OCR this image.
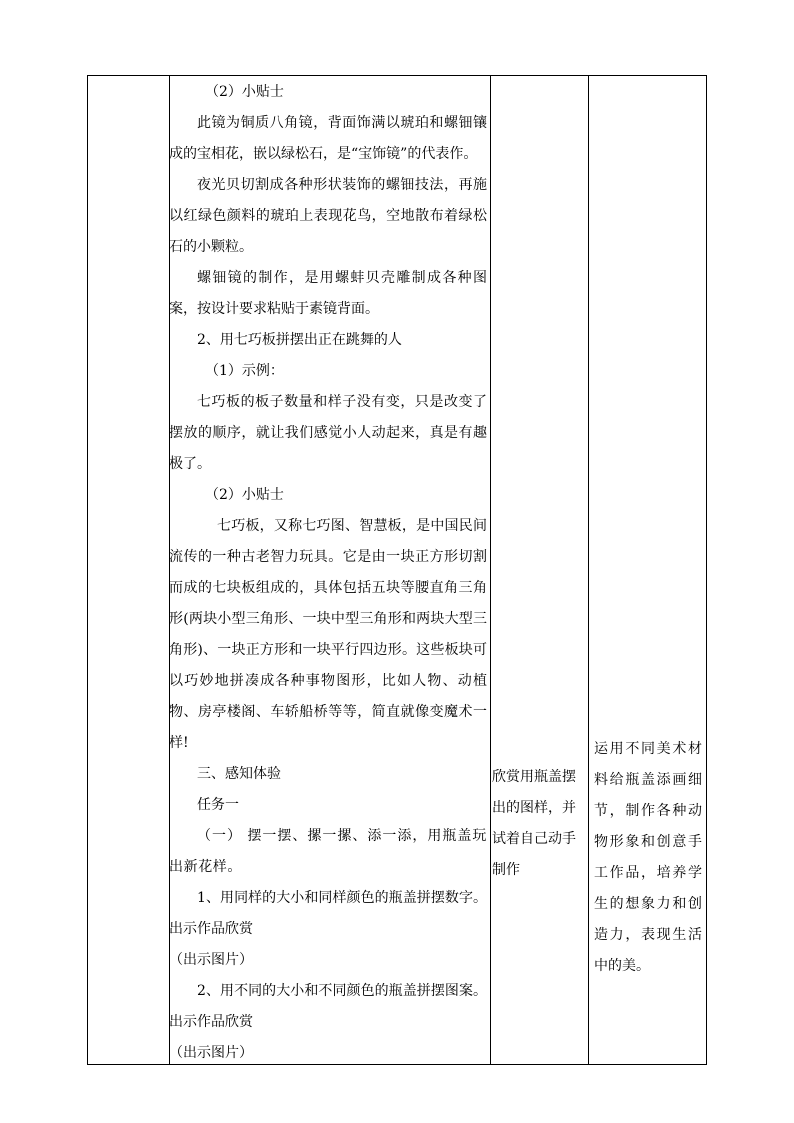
（2）小贴士

此镜为铜质八角镜，背面饰满以琥珀和螺钿镶成的宝相花，嵌以绿松石，是“宝饰镜”的代表作。

夜光贝切割成各种形状装饰的螺钿技法，再施以红绿色颜料的琥珀上表现花鸟，空地散布着绿松石的小颗粒。

螺钿镜的制作，是用螺蚌贝壳雕制成各种图案，按设计要求粘贴于素镜背面。

2、用七巧板拼摆出正在跳舞的人

（1）示例：

七巧板的板子数量和样子没有变，只是改变了摆放的顺序，就让我们感觉小人动起来，真是有趣极了。

（2）小贴士

七巧板，又称七巧图、智慧板，是中国民间流传的一种古老智力玩具。它是由一块正方形切割而成的七块板组成的，具体包括五块等腰直角三角形(两块小型三角形、一块中型三角形和两块大型三角形)、一块正方形和一块平行四边形。这些板块可以巧妙地拼凑成各种事物图形，比如人物、动植物、房亭楼阁、车轿船桥等等，简直就像变魔术一样!

三、感知体验

任务一

（一） 摆一摆、摞一摞、添一添，用瓶盖玩出新花样。

1、用同样的大小和同样颜色的瓶盖拼摆数字。出示作品欣赏

（出示图片）

2、用不同的大小和不同颜色的瓶盖拼摆图案。出示作品欣赏

（出示图片）

欣赏用瓶盖摆出的图样，并试着自己动手制作

运用不同美术材料给瓶盖添画细节，制作各种动物形象和创意手工作品，培养学生的想象力和创造力，表现生活中的美。
